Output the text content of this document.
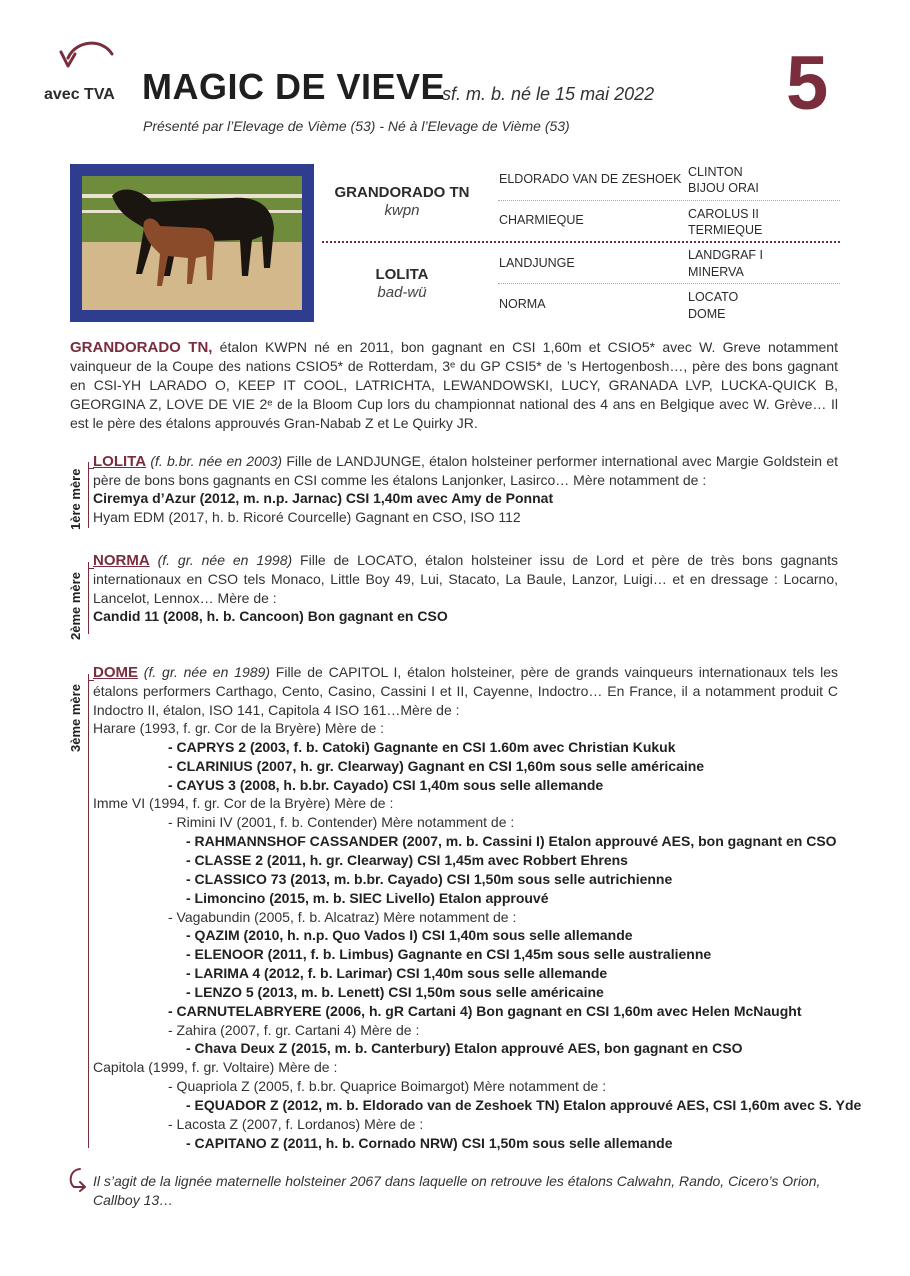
avec TVA MAGIC DE VIEVE
sf. m. b. né le 15 mai 2022
Présenté par l’Elevage de Vième (53) - Né à l’Elevage de Vième (53)	5
GRANDORADO TN
kwpn
LOLITA
bad-wü
ELDORADO VAN DE ZESHOEK
CHARMIEQUE
LANDJUNGE
NORMA
CLINTON
BIJOU ORAI
CAROLUS II
TERMIEQUE
LANDGRAF I
MINERVA
LOCATO
DOME
GRANDORADO TN, étalon KWPN né en 2011, bon gagnant en CSI 1,60m et CSIO5* avec W. Greve notamment vainqueur de la Coupe des nations CSIO5* de Rotterdam, 3ᵉ du GP CSI5* de ’s Hertogenbosh…, père des bons gagnant en CSI-YH LARADO O, KEEP IT COOL, LATRICHTA, LEWANDOWSKI, LUCY, GRANADA LVP, LUCKA-QUICK B, GEORGINA Z, LOVE DE VIE 2ᵉ de la Bloom Cup lors du championnat national des 4 ans en Belgique avec W. Grève… Il est le père des étalons approuvés Gran-Nabab Z et Le Quirky JR.
1ère mère
LOLITA (f. b.br. née en 2003) Fille de LANDJUNGE, étalon holsteiner performer international avec Margie Goldstein et père de bons bons gagnants en CSI comme les étalons Lanjonker, Lasirco… Mère notamment de :
Ciremya d’Azur (2012, m. n.p. Jarnac) CSI 1,40m avec Amy de Ponnat
Hyam EDM (2017, h. b. Ricoré Courcelle) Gagnant en CSO, ISO 112
2ème mère
NORMA (f. gr. née en 1998) Fille de LOCATO, étalon holsteiner issu de Lord et père de très bons gagnants internationaux en CSO tels Monaco, Little Boy 49, Lui, Stacato, La Baule, Lanzor, Luigi… et en dressage : Locarno, Lancelot, Lennox… Mère de :
Candid 11 (2008, h. b. Cancoon) Bon gagnant en CSO
3ème mère
DOME (f. gr. née en 1989) Fille de CAPITOL I, étalon holsteiner, père de grands vainqueurs internationaux tels les étalons performers Carthago, Cento, Casino, Cassini I et II, Cayenne, Indoctro… En France, il a notamment produit C Indoctro II, étalon, ISO 141, Capitola 4 ISO 161…Mère de :
Harare (1993, f. gr. Cor de la Bryère) Mère de :
- CAPRYS 2 (2003, f. b. Catoki) Gagnante en CSI 1.60m avec Christian Kukuk
- CLARINIUS (2007, h. gr. Clearway) Gagnant en CSI 1,60m sous selle américaine
- CAYUS 3 (2008, h. b.br. Cayado) CSI 1,40m sous selle allemande
Imme VI (1994, f. gr. Cor de la Bryère) Mère de :
- Rimini IV (2001, f. b. Contender) Mère notamment de :
- RAHMANNSHOF CASSANDER (2007, m. b. Cassini I) Etalon approuvé AES, bon gagnant en CSO
- CLASSE 2 (2011, h. gr. Clearway) CSI 1,45m avec Robbert Ehrens
- CLASSICO 73 (2013, m. b.br. Cayado) CSI 1,50m sous selle autrichienne
- Limoncino (2015, m. b. SIEC Livello) Etalon approuvé
- Vagabundin (2005, f. b. Alcatraz) Mère notamment de :
- QAZIM (2010, h. n.p. Quo Vados I) CSI 1,40m sous selle allemande
- ELENOOR (2011, f. b. Limbus) Gagnante en CSI 1,45m sous selle australienne
- LARIMA 4 (2012, f. b. Larimar) CSI 1,40m sous selle allemande
- LENZO 5 (2013, m. b. Lenett) CSI 1,50m sous selle américaine
- CARNUTELABRYERE (2006, h. gR Cartani 4) Bon gagnant en CSI 1,60m avec Helen McNaught
- Zahira (2007, f. gr. Cartani 4) Mère de :
- Chava Deux Z (2015, m. b. Canterbury) Etalon approuvé AES, bon gagnant en CSO
Capitola (1999, f. gr. Voltaire) Mère de :
- Quapriola Z (2005, f. b.br. Quaprice Boimargot) Mère notamment de :
- EQUADOR Z (2012, m. b. Eldorado van de Zeshoek TN) Etalon approuvé AES, CSI 1,60m avec S. Yde
- Lacosta Z (2007, f. Lordanos) Mère de :
- CAPITANO Z (2011, h. b. Cornado NRW) CSI 1,50m sous selle allemande
Il s’agit de la lignée maternelle holsteiner 2067 dans laquelle on retrouve les étalons Calwahn, Rando, Cicero’s Orion, Callboy 13…
